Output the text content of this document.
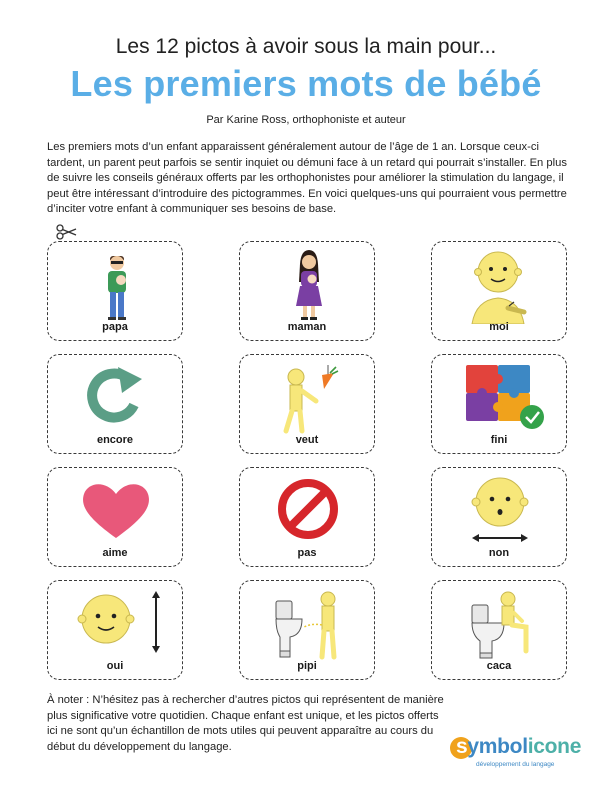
Les 12 pictos à avoir sous la main pour...
Les premiers mots de bébé
Par Karine Ross, orthophoniste et auteur
Les premiers mots d’un enfant apparaissent généralement autour de l’âge de 1 an. Lorsque ceux-ci tardent, un parent peut parfois se sentir inquiet ou démuni face à un retard qui pourrait s’installer. En plus de suivre les conseils généraux offerts par les orthophonistes pour améliorer la stimulation du langage, il peut être intéressant d’introduire des pictogrammes. En voici quelques-uns qui pourraient vous permettre d’inciter votre enfant à communiquer ses besoins de base.
papa	maman	moi
encore	veut	fini
aime	pas	non
oui	pipi	caca
À noter : N’hésitez pas à rechercher d’autres pictos qui représentent de manière plus significative votre quotidien. Chaque enfant est unique, et les pictos offerts ici ne sont qu’un échantillon de mots utiles qui peuvent apparaître au cours du début du développement du langage.	symbolicone
développement du langage
